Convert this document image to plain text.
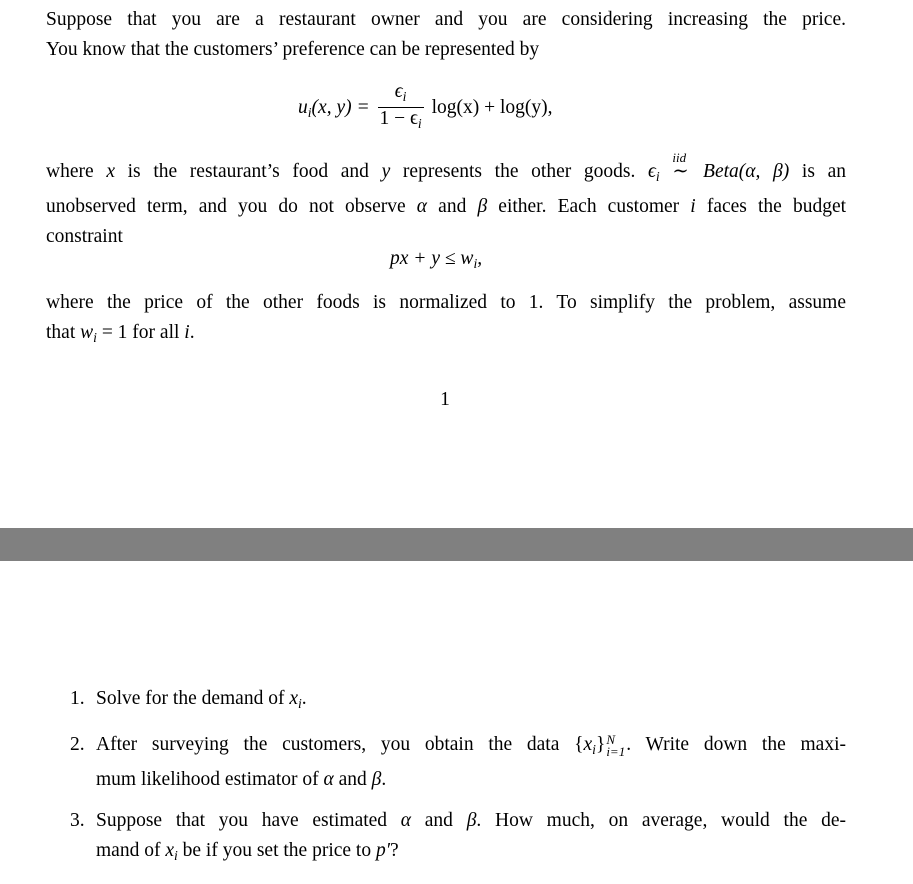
Suppose that you are a restaurant owner and you are considering increasing the price.
You know that the customers’ preference can be represented by
$u_i(x$, $y) = \frac{\epsilon_i}{1 - \epsilon_i} \log(x) + \log(y)$,
where x is the restaurant’s food and y represents the other goods. $\epsilon_i$
iid
∼ Beta(α, β) is an
unobserved term, and you do not observe α and β either. Each customer i faces the budget
constraint
px + $y \le w_i$,
where the price of the other foods is normalized to 1. To simplify the problem, assume
that $w_i = 1$ for all i.
1
1. Solve for the demand of $x_i$.
2. After surveying the customers, you obtain the data $\{x_i\}$ N
i=1 . Write down the maxi-
mum likelihood estimator of α and β.
3. Suppose that you have estimated α and β. How much, on average, would the de-
mand of $x_i$ be if you set the price to p′?
